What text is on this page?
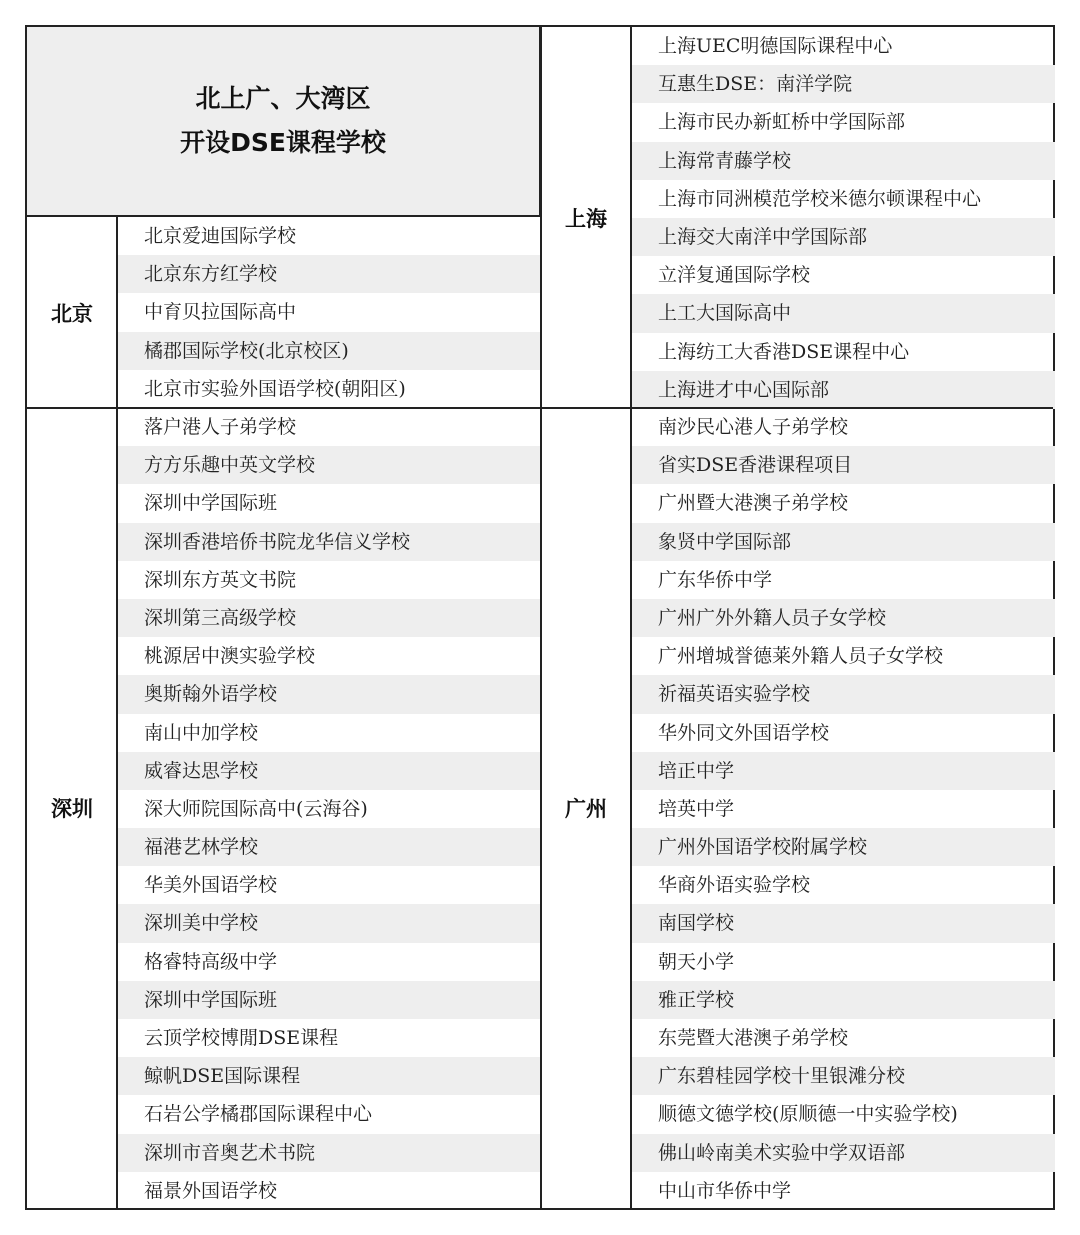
北上广、大湾区
开设DSE课程学校
北京
北京爱迪国际学校
北京东方红学校
中育贝拉国际高中
橘郡国际学校(北京校区)
北京市实验外国语学校(朝阳区)
上海
上海UEC明德国际课程中心
互惠生DSE：南洋学院
上海市民办新虹桥中学国际部
上海常青藤学校
上海市同洲模范学校米德尔顿课程中心
上海交大南洋中学国际部
立洋复通国际学校
上工大国际高中
上海纺工大香港DSE课程中心
上海进才中心国际部
深圳
落户港人子弟学校
方方乐趣中英文学校
深圳中学国际班
深圳香港培侨书院龙华信义学校
深圳东方英文书院
深圳第三高级学校
桃源居中澳实验学校
奥斯翰外语学校
南山中加学校
威睿达思学校
深大师院国际高中(云海谷)
福港艺林学校
华美外国语学校
深圳美中学校
格睿特高级中学
深圳中学国际班
云顶学校博閒DSE课程
鲸帆DSE国际课程
石岩公学橘郡国际课程中心
深圳市音奥艺术书院
福景外国语学校
广州
南沙民心港人子弟学校
省实DSE香港课程项目
广州暨大港澳子弟学校
象贤中学国际部
广东华侨中学
广州广外外籍人员子女学校
广州增城誉德莱外籍人员子女学校
祈福英语实验学校
华外同文外国语学校
培正中学
培英中学
广州外国语学校附属学校
华商外语实验学校
南国学校
朝天小学
雅正学校
东莞暨大港澳子弟学校
广东碧桂园学校十里银滩分校
顺德文德学校(原顺德一中实验学校)
佛山岭南美术实验中学双语部
中山市华侨中学
